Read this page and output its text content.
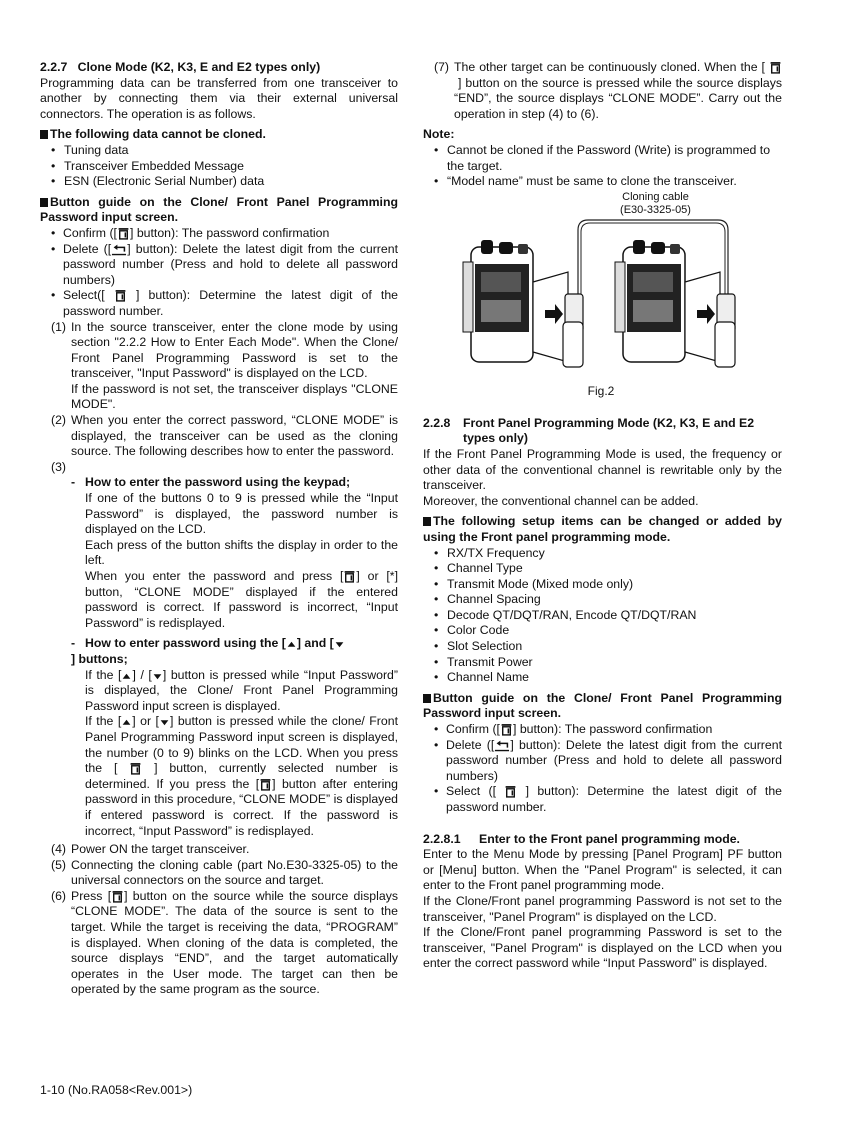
2.2.7 Clone Mode (K2, K3, E and E2 types only)

Programming data can be transferred from one transceiver to another by connecting them via their external universal connectors. The operation is as follows.

The following data cannot be cloned.

• Tuning data
• Transceiver Embedded Message
• ESN (Electronic Serial Number) data

Button guide on the Clone/ Front Panel Programming Password input screen.

• Confirm ([ ] button): The password confirmation
• Delete ([ ] button): Delete the latest digit from the current password number (Press and hold to delete all password numbers)
• Select([	] button): Determine the latest digit of the password number.
(1) In the source transceiver, enter the clone mode by using section "2.2.2 How to Enter Each Mode". When the Clone/ Front Panel Programming Password is set to the transceiver, "Input Password" is displayed on the LCD.
If the password is not set, the transceiver displays "CLONE MODE".
(2) When you enter the correct password, “CLONE MODE” is displayed, the transceiver can be used as the cloning source. The following describes how to enter the password.
(3)

- How to enter the password using the keypad;

If one of the buttons 0 to 9 is pressed while the “Input Password” is displayed, the password number is displayed on the LCD.

Each press of the button shifts the display in order to the left.

When you enter the password and press [ ] or [*] button, “CLONE MODE” displayed if the entered password is correct. If password is incorrect, “Input Password” is redisplayed.

- How to enter password using the [ ] and [] buttons;

If the [ ] / [ ] button is pressed while “Input Password” is displayed, the Clone/ Front Panel Programming Password input screen is displayed.

If the [ ] or [ ] button is pressed while the clone/ Front Panel Programming Password input screen is displayed, the number (0 to 9) blinks on the LCD. When you press the [	] button, currently selected number is determined. If you press the [ ] button after entering password in this procedure, “CLONE MODE” is displayed if entered password is correct. If the password is incorrect, “Input Password” is redisplayed.

(4) Power ON the target transceiver.
(5) Connecting the cloning cable (part No.E30-3325-05) to the universal connectors on the source and target.
(6) Press [ ] button on the source while the source displays “CLONE MODE”. The data of the source is sent to the target. While the target is receiving the data, “PROGRAM” is displayed. When cloning of the data is completed, the source displays “END”, and the target automatically operates in the User mode. The target can then be operated by the same program as the source.
(7) The other target can be continuously cloned. When the [  ] button on the source is pressed while the source displays “END”, the source displays “CLONE MODE”. Carry out the operation in step (4) to (6).

Note:

• Cannot be cloned if the Password (Write) is programmed to the target.
• “Model name” must be same to clone the transceiver.
Cloning cable
(E30-3325-05)
Fig.2
2.2.8 Front Panel Programming Mode (K2, K3, E and E2 types only)

If the Front Panel Programming Mode is used, the frequency or other data of the conventional channel is rewritable only by the transceiver.

Moreover, the conventional channel can be added.

The following setup items can be changed or added by using the Front panel programming mode.

• RX/TX Frequency
• Channel Type
• Transmit Mode (Mixed mode only)
• Channel Spacing
• Decode QT/DQT/RAN, Encode QT/DQT/RAN
• Color Code
• Slot Selection
• Transmit Power
• Channel Name

Button guide on the Clone/ Front Panel Programming Password input screen.

• Confirm ([ ] button): The password confirmation
• Delete ([ ] button): Delete the latest digit from the current password number (Press and hold to delete all password numbers)
• Select ([ ] button): Determine the latest digit of the password number.
2.2.8.1 Enter to the Front panel programming mode.

Enter to the Menu Mode by pressing [Panel Program] PF button or [Menu] button. When the "Panel Program" is selected, it can enter to the Front panel programming mode.

If the Clone/Front panel programming Password is not set to the transceiver, "Panel Program" is displayed on the LCD.

If the Clone/Front panel programming Password is set to the transceiver, "Panel Program" is displayed on the LCD when you enter the correct password while “Input Password” is displayed.

1-10 (No.RA058<Rev.001>)
